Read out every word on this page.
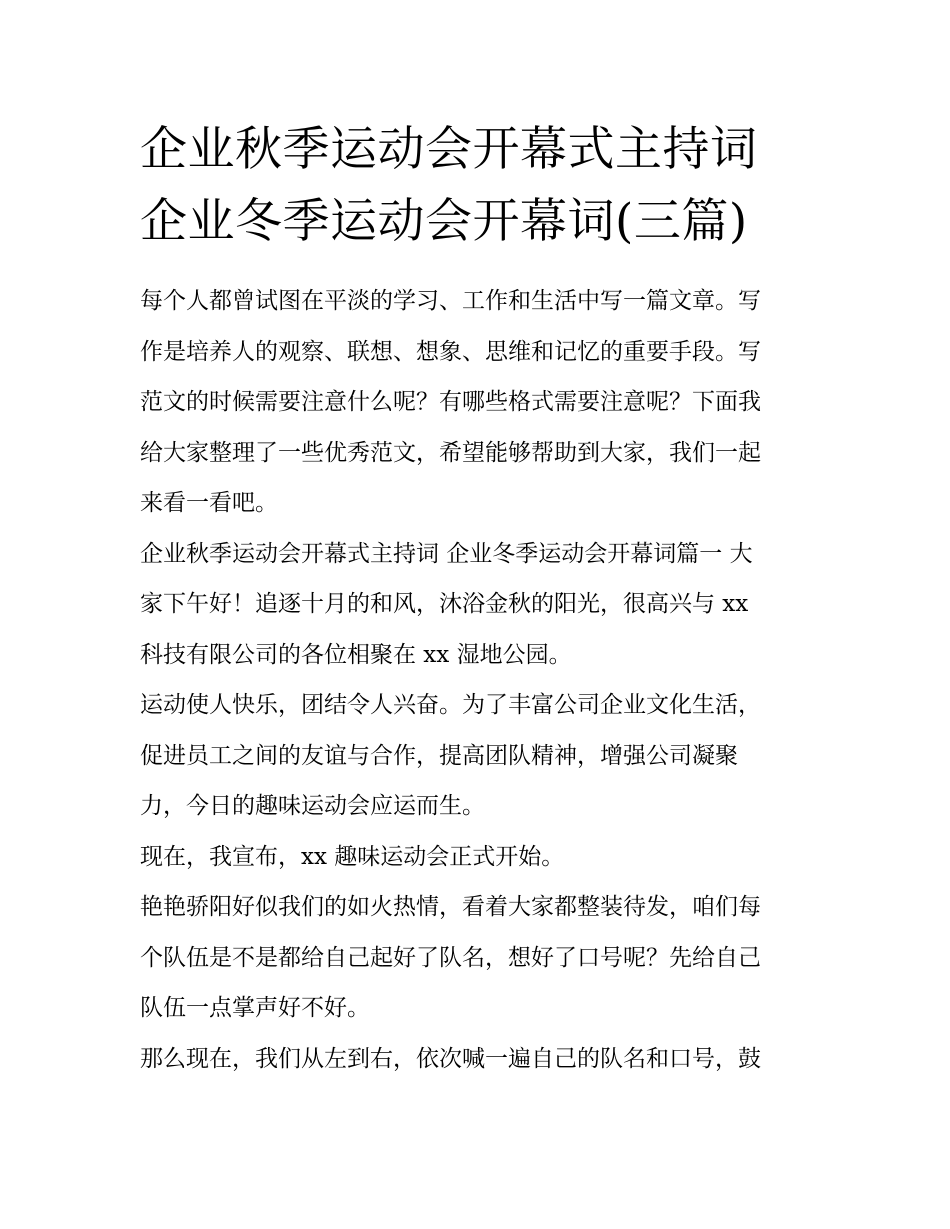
企业秋季运动会开幕式主持词
企业冬季运动会开幕词(三篇)
每个人都曾试图在平淡的学习、工作和生活中写一篇文章。写
作是培养人的观察、联想、想象、思维和记忆的重要手段。写
范文的时候需要注意什么呢？有哪些格式需要注意呢？下面我
给大家整理了一些优秀范文，希望能够帮助到大家，我们一起
来看一看吧。
企业秋季运动会开幕式主持词 企业冬季运动会开幕词篇一 大
家下午好！追逐十月的和风，沐浴金秋的阳光，很高兴与 xx
科技有限公司的各位相聚在 xx 湿地公园。
运动使人快乐，团结令人兴奋。为了丰富公司企业文化生活，
促进员工之间的友谊与合作，提高团队精神，增强公司凝聚
力，今日的趣味运动会应运而生。
现在，我宣布，xx 趣味运动会正式开始。
艳艳骄阳好似我们的如火热情，看着大家都整装待发，咱们每
个队伍是不是都给自己起好了队名，想好了口号呢？先给自己
队伍一点掌声好不好。
那么现在，我们从左到右，依次喊一遍自己的队名和口号，鼓
